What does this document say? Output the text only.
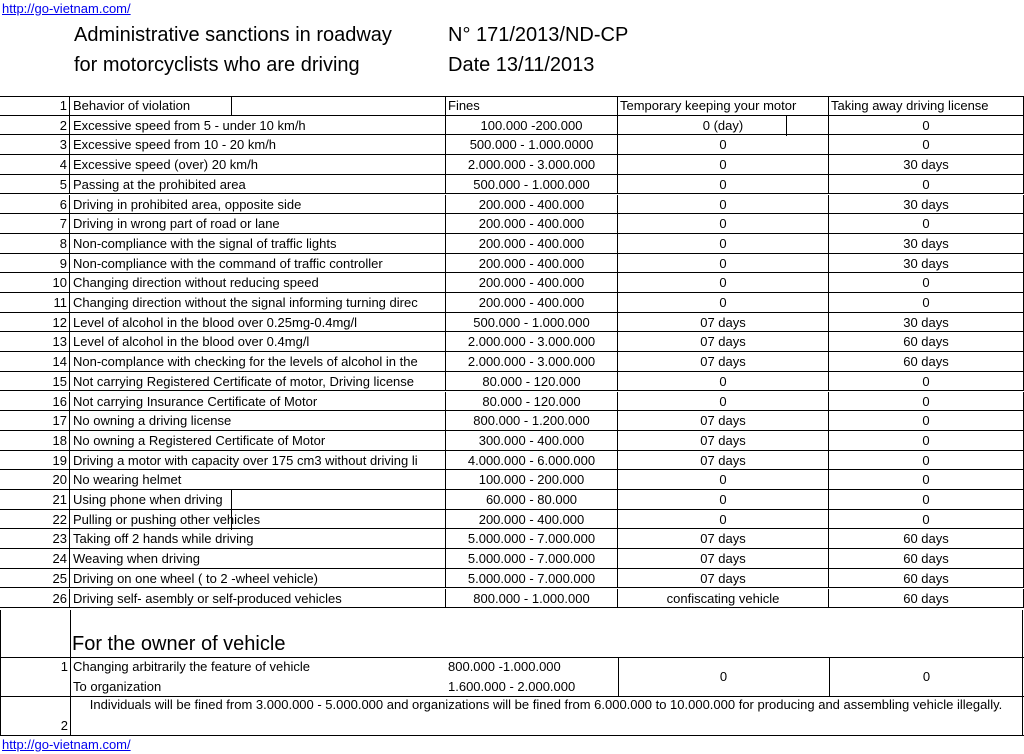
http://go-vietnam.com/
Administrative sanctions in roadway
for motorcyclists who are driving
N° 171/2013/ND-CP
Date 13/11/2013
1 Behavior of violation	Fines	Temporary keeping your motor	Taking away driving license
2 Excessive speed from 5 - under 10 km/h	100.000 -200.000	0 (day)	0
3 Excessive speed from 10 - 20 km/h	500.000 - 1.000.0000	0	0
4 Excessive speed (over) 20 km/h	2.000.000 - 3.000.000	0	30 days
5 Passing at the prohibited area	500.000 - 1.000.000	0	0
6 Driving in prohibited area, opposite side	200.000 - 400.000	0	30 days
7 Driving in wrong part of road or lane	200.000 - 400.000	0	0
8 Non-compliance with the signal of traffic lights	200.000 - 400.000	0	30 days
9 Non-compliance with the command of traffic controller	200.000 - 400.000	0	30 days
10 Changing direction without reducing speed	200.000 - 400.000	0	0
11 Changing direction without the signal informing turning direc	200.000 - 400.000	0	0
12 Level of alcohol in the blood over 0.25mg-0.4mg/l	500.000 - 1.000.000	07 days	30 days
13 Level of alcohol in the blood over 0.4mg/l	2.000.000 - 3.000.000	07 days	60 days
14 Non-complance with checking for the levels of alcohol in the	2.000.000 - 3.000.000	07 days	60 days
15 Not carrying Registered Certificate of motor, Driving license	80.000 - 120.000	0	0
16 Not carrying Insurance Certificate of Motor	80.000 - 120.000	0	0
17 No owning a driving license	800.000 - 1.200.000	07 days	0
18 No owning a Registered Certificate of Motor	300.000 - 400.000	07 days	0
19 Driving a motor with capacity over 175 cm3 without driving li	4.000.000 - 6.000.000	07 days	0
20 No wearing helmet	100.000 - 200.000	0	0
21 Using phone when driving	60.000 - 80.000	0	0
22 Pulling or pushing other vehicles	200.000 - 400.000	0	0
23 Taking off 2 hands while driving	5.000.000 - 7.000.000	07 days	60 days
24 Weaving when driving	5.000.000 - 7.000.000	07 days	60 days
25 Driving on one wheel ( to 2 -wheel vehicle)	5.000.000 - 7.000.000	07 days	60 days
26 Driving self- asembly or self-produced vehicles	800.000 - 1.000.000	confiscating vehicle	60 days
For the owner of vehicle
1 Changing arbitrarily the feature of vehicle	800.000 -1.000.000
To organization	1.600.000 - 2.000.000
0	0
2
Individuals will be fined from 3.000.000 - 5.000.000 and organizations will be fined from 6.000.000 to 10.000.000 for producing and assembling vehicle illegally.
http://go-vietnam.com/
